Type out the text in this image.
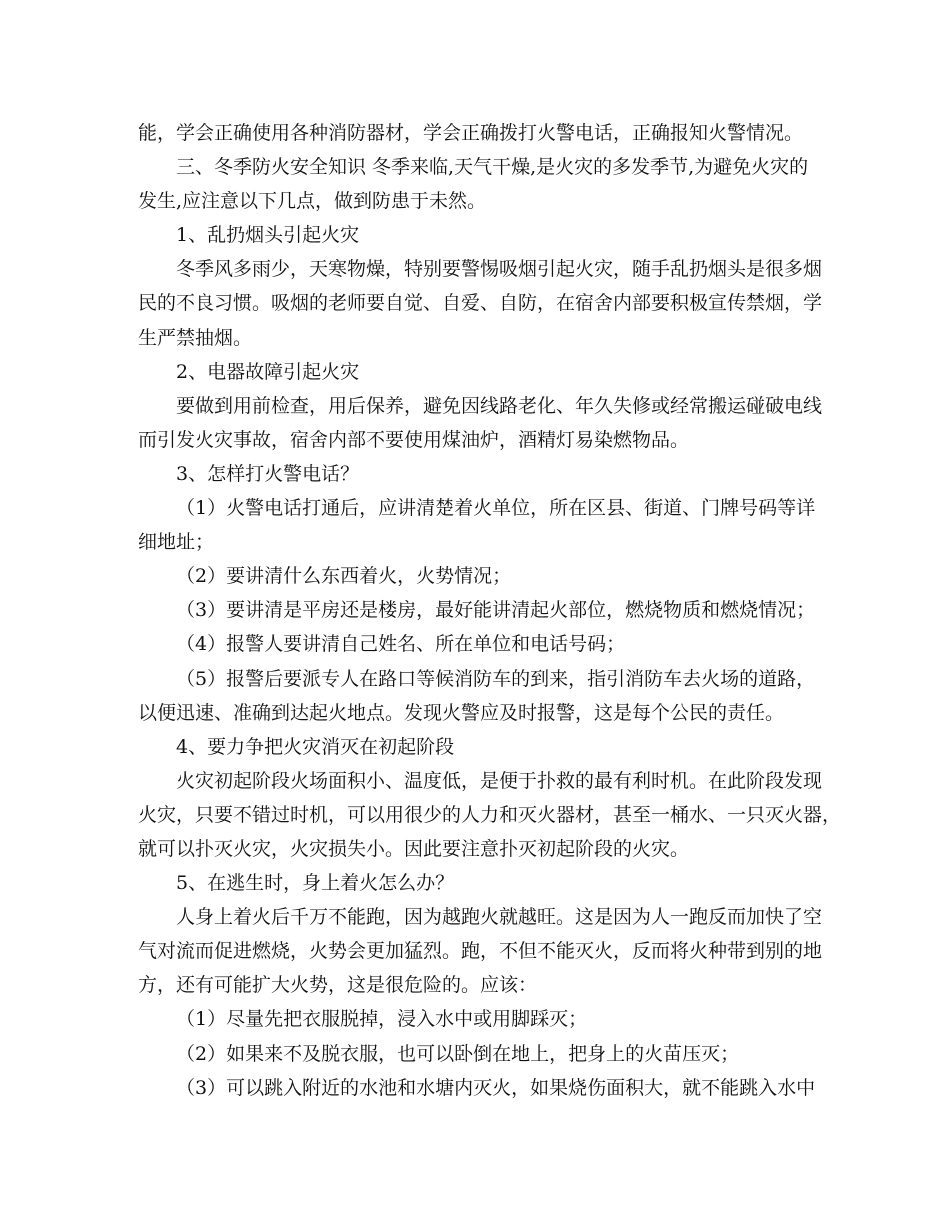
能，学会正确使用各种消防器材，学会正确拨打火警电话，正确报知火警情况。
三、冬季防火安全知识 冬季来临,天气干燥,是火灾的多发季节,为避免火灾的
发生,应注意以下几点，做到防患于未然。
1、乱扔烟头引起火灾
冬季风多雨少，天寒物燥，特别要警惕吸烟引起火灾，随手乱扔烟头是很多烟
民的不良习惯。吸烟的老师要自觉、自爱、自防，在宿舍内部要积极宣传禁烟，学
生严禁抽烟。
2、电器故障引起火灾
要做到用前检查，用后保养，避免因线路老化、年久失修或经常搬运碰破电线
而引发火灾事故，宿舍内部不要使用煤油炉，酒精灯易染燃物品。
3、怎样打火警电话？
（1）火警电话打通后，应讲清楚着火单位，所在区县、街道、门牌号码等详
细地址；
（2）要讲清什么东西着火，火势情况；
（3）要讲清是平房还是楼房，最好能讲清起火部位，燃烧物质和燃烧情况；
（4）报警人要讲清自己姓名、所在单位和电话号码；
（5）报警后要派专人在路口等候消防车的到来，指引消防车去火场的道路，
以便迅速、准确到达起火地点。发现火警应及时报警，这是每个公民的责任。
4、要力争把火灾消灭在初起阶段
火灾初起阶段火场面积小、温度低，是便于扑救的最有利时机。在此阶段发现
火灾，只要不错过时机，可以用很少的人力和灭火器材，甚至一桶水、一只灭火器，
就可以扑灭火灾，火灾损失小。因此要注意扑灭初起阶段的火灾。
5、在逃生时，身上着火怎么办？
人身上着火后千万不能跑，因为越跑火就越旺。这是因为人一跑反而加快了空
气对流而促进燃烧，火势会更加猛烈。跑，不但不能灭火，反而将火种带到别的地
方，还有可能扩大火势，这是很危险的。应该：
（1）尽量先把衣服脱掉，浸入水中或用脚踩灭；
（2）如果来不及脱衣服，也可以卧倒在地上，把身上的火苗压灭；
（3）可以跳入附近的水池和水塘内灭火，如果烧伤面积大，就不能跳入水中
